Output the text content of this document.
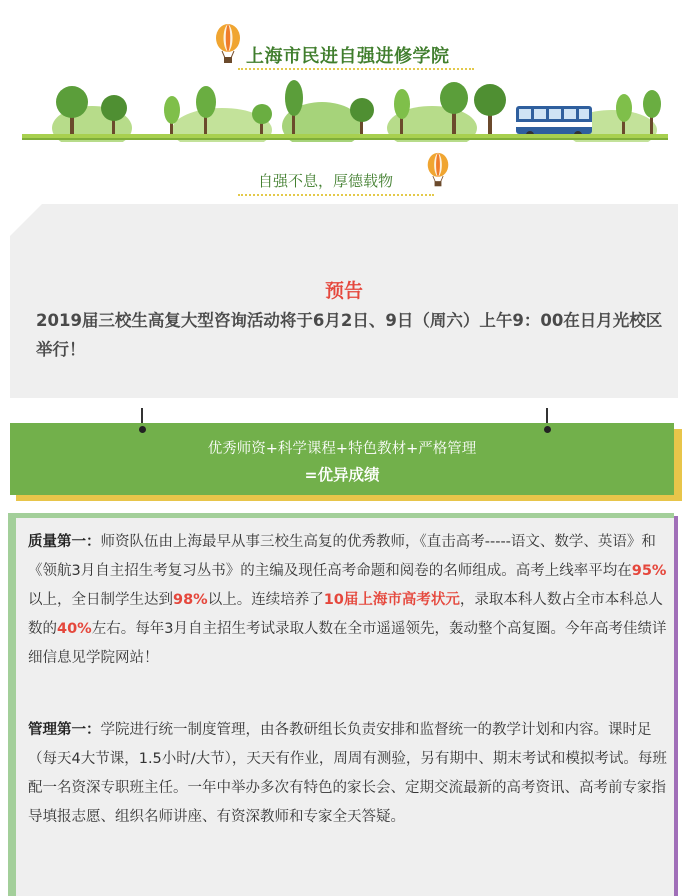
上海市民进自强进修学院
自强不息，厚德载物
预告
2019届三校生高复大型咨询活动将于6月2日、9日（周六）上午9：00在日月光校区举行！
优秀师资+科学课程+特色教材+严格管理
=优异成绩
质量第一：师资队伍由上海最早从事三校生高复的优秀教师，《直击高考-----语文、数学、英语》和《领航3月自主招生考复习丛书》的主编及现任高考命题和阅卷的名师组成。高考上线率平均在95%以上，全日制学生达到98%以上。连续培养了10届上海市高考状元，录取本科人数占全市本科总人数的40%左右。每年3月自主招生考试录取人数在全市遥遥领先，轰动整个高复圈。今年高考佳绩详细信息见学院网站！
管理第一：学院进行统一制度管理，由各教研组长负责安排和监督统一的教学计划和内容。课时足（每天4大节课，1.5小时/大节），天天有作业，周周有测验，另有期中、期末考试和模拟考试。每班配一名资深专职班主任。一年中举办多次有特色的家长会、定期交流最新的高考资讯、高考前专家指导填报志愿、组织名师讲座、有资深教师和专家全天答疑。
